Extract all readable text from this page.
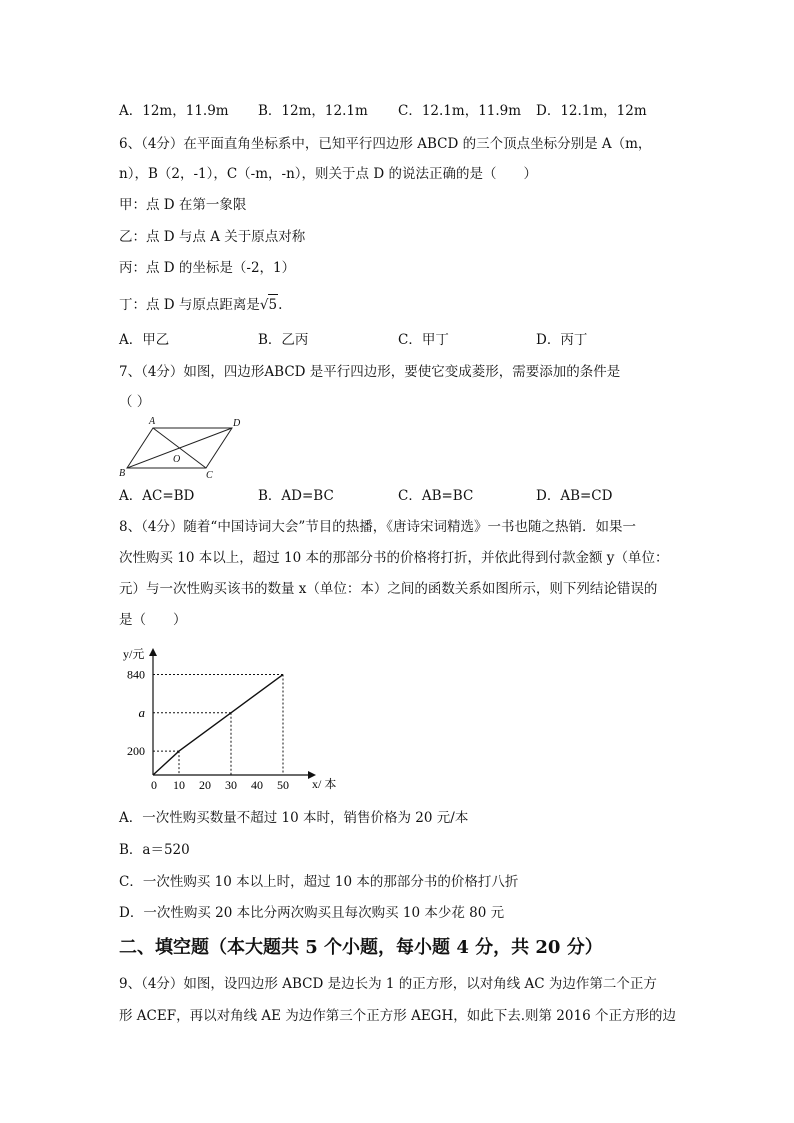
A．12m，11.9m B．12m，12.1m C．12.1m，11.9m D．12.1m，12m
6、（4分）在平面直角坐标系中，已知平行四边形 ABCD 的三个顶点坐标分别是 A（m，
n），B（2，-1），C（-m，-n），则关于点 D 的说法正确的是（　　）
甲：点 D 在第一象限
乙：点 D 与点 A 关于原点对称
丙：点 D 的坐标是（-2，1）
丁：点 D 与原点距离是√5.
A．甲乙	B．乙丙	C．甲丁	D．丙丁
7、（4分）如图，四边形ABCD 是平行四边形，要使它变成菱形，需要添加的条件是
（ ）
A	D
B	C
O
A．AC=BD	B．AD=BC	C．AB=BC	D．AB=CD
8、（4分）随着“中国诗词大会”节目的热播，《唐诗宋词精选》一书也随之热销．如果一
次性购买 10 本以上，超过 10 本的那部分书的价格将打折，并依此得到付款金额 y（单位：
元）与一次性购买该书的数量 x（单位：本）之间的函数关系如图所示，则下列结论错误的
是（　　）
y/元
x/ 本
200
a
840
0 10 20 30 40 50
A．一次性购买数量不超过 10 本时，销售价格为 20 元/本
B．a＝520
C．一次性购买 10 本以上时，超过 10 本的那部分书的价格打八折
D．一次性购买 20 本比分两次购买且每次购买 10 本少花 80 元
二、填空题（本大题共 5 个小题，每小题 4 分，共 20 分）
9、（4分）如图，设四边形 ABCD 是边长为 1 的正方形，以对角线 AC 为边作第二个正方
形 ACEF，再以对角线 AE 为边作第三个正方形 AEGH，如此下去.则第 2016 个正方形的边
